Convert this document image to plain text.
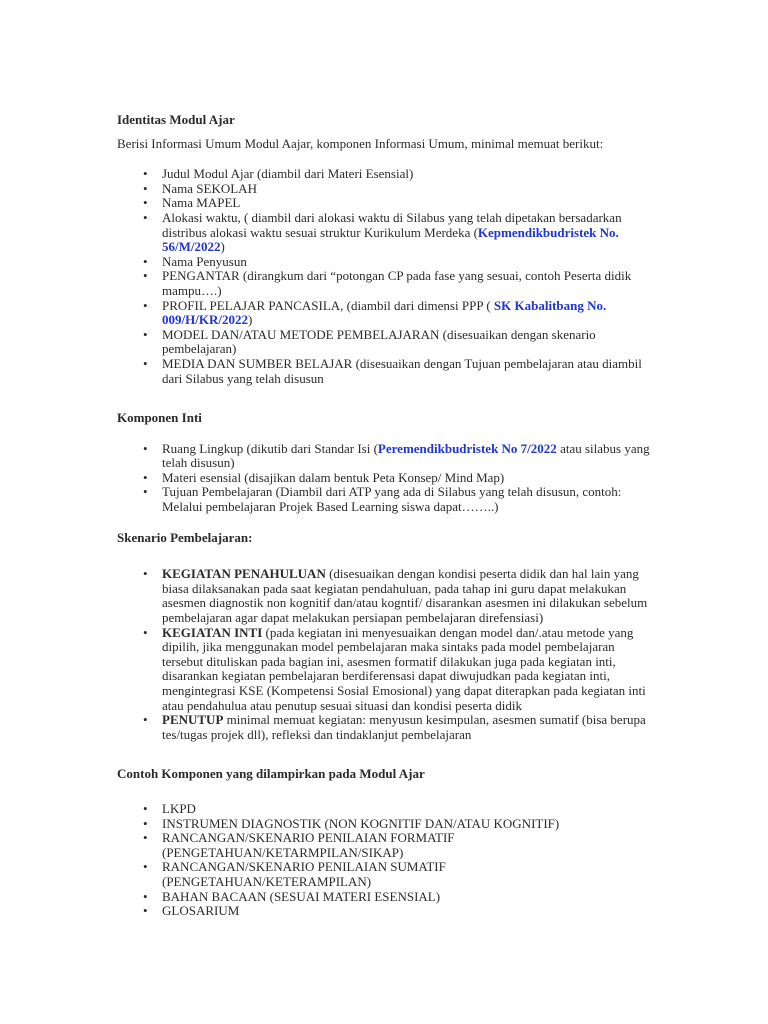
Identitas Modul Ajar

Berisi Informasi Umum Modul Aajar, komponen Informasi Umum, minimal memuat berikut:

• Judul Modul Ajar (diambil dari Materi Esensial)
• Nama SEKOLAH
• Nama MAPEL
• Alokasi waktu, ( diambil dari alokasi waktu di Silabus yang telah dipetakan bersadarkan distribus alokasi waktu sesuai struktur Kurikulum Merdeka (Kepmendikbudristek No. 56/M/2022)
• Nama Penyusun
• PENGANTAR (dirangkum dari “potongan CP pada fase yang sesuai, contoh Peserta didik mampu….)
• PROFIL PELAJAR PANCASILA, (diambil dari dimensi PPP ( SK Kabalitbang No. 009/H/KR/2022)
• MODEL DAN/ATAU METODE PEMBELAJARAN (disesuaikan dengan skenario pembelajaran)
• MEDIA DAN SUMBER BELAJAR (disesuaikan dengan Tujuan pembelajaran atau diambil dari Silabus yang telah disusun

Komponen Inti

• Ruang Lingkup (dikutib dari Standar Isi (Peremendikbudristek No 7/2022 atau silabus yang telah disusun)
• Materi esensial (disajikan dalam bentuk Peta Konsep/ Mind Map)
• Tujuan Pembelajaran (Diambil dari ATP yang ada di Silabus yang telah disusun, contoh: Melalui pembelajaran Projek Based Learning siswa dapat……..)

Skenario Pembelajaran:

• KEGIATAN PENAHULUAN (disesuaikan dengan kondisi peserta didik dan hal lain yang biasa dilaksanakan pada saat kegiatan pendahuluan, pada tahap ini guru dapat melakukan asesmen diagnostik non kognitif dan/atau kogntif/ disarankan asesmen ini dilakukan sebelum pembelajaran agar dapat melakukan persiapan pembelajaran direfensiasi)
• KEGIATAN INTI (pada kegiatan ini menyesuaikan dengan model dan/.atau metode yang dipilih, jika menggunakan model pembelajaran maka sintaks pada model pembelajaran tersebut dituliskan pada bagian ini, asesmen formatif dilakukan juga pada kegiatan inti, disarankan kegiatan pembelajaran berdiferensasi dapat diwujudkan pada kegiatan inti, mengintegrasi KSE (Kompetensi Sosial Emosional) yang dapat diterapkan pada kegiatan inti atau pendahulua atau penutup sesuai situasi dan kondisi peserta didik
• PENUTUP minimal memuat kegiatan: menyusun kesimpulan, asesmen sumatif (bisa berupa tes/tugas projek dll), refleksi dan tindaklanjut pembelajaran

Contoh Komponen yang dilampirkan pada Modul Ajar

• LKPD
• INSTRUMEN DIAGNOSTIK (NON KOGNITIF DAN/ATAU KOGNITIF)
• RANCANGAN/SKENARIO PENILAIAN FORMATIF (PENGETAHUAN/KETARMPILAN/SIKAP)
• RANCANGAN/SKENARIO PENILAIAN SUMATIF (PENGETAHUAN/KETERAMPILAN)
• BAHAN BACAAN (SESUAI MATERI ESENSIAL)
• GLOSARIUM
